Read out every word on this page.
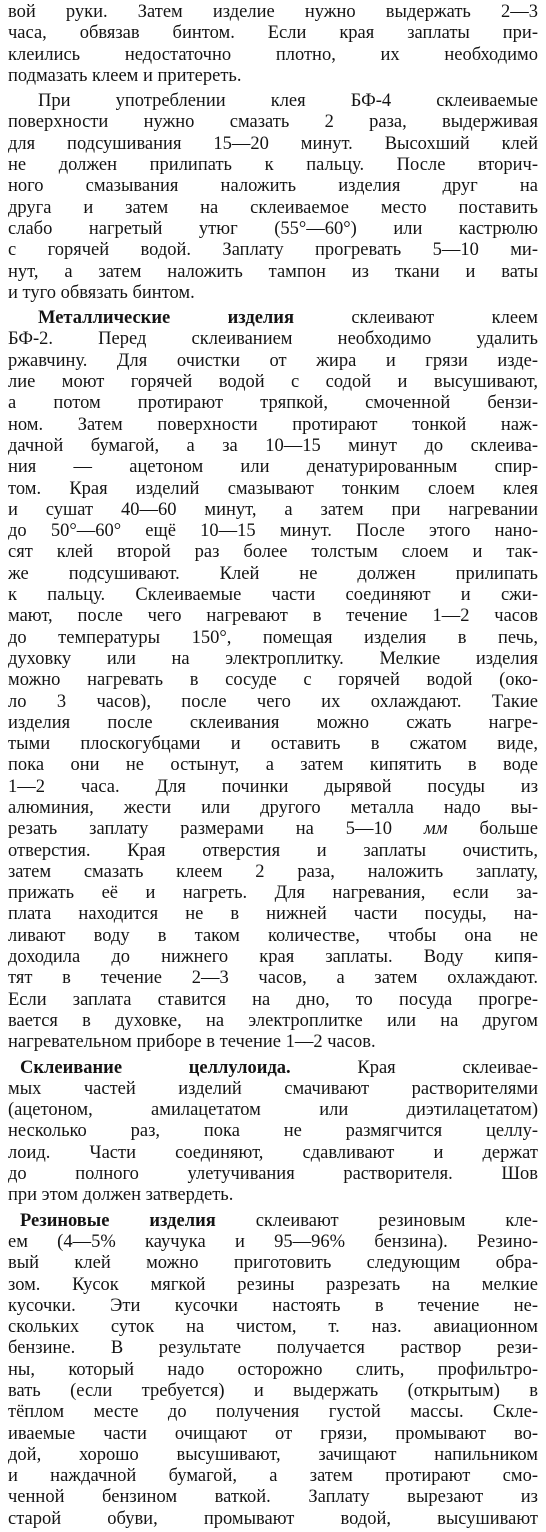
вой руки. Затем изделие нужно выдержать 2—3
часа, обвязав бинтом. Если края заплаты при-
клеились недостаточно плотно, их необходимо
подмазать клеем и притереть.
При употреблении клея БФ-4 склеиваемые
поверхности нужно смазать 2 раза, выдерживая
для подсушивания 15—20 минут. Высохший клей
не должен прилипать к пальцу. После вторич-
ного смазывания наложить изделия друг на
друга и затем на склеиваемое место поставить
слабо нагретый утюг (55°—60°) или кастрюлю
с горячей водой. Заплату прогревать 5—10 ми-
нут, а затем наложить тампон из ткани и ваты
и туго обвязать бинтом.
Металлические изделия склеивают клеем
БФ-2. Перед склеиванием необходимо удалить
ржавчину. Для очистки от жира и грязи изде-
лие моют горячей водой с содой и высушивают,
а потом протирают тряпкой, смоченной бензи-
ном. Затем поверхности протирают тонкой наж-
дачной бумагой, а за 10—15 минут до склеива-
ния — ацетоном или денатурированным спир-
том. Края изделий смазывают тонким слоем клея
и сушат 40—60 минут, а затем при нагревании
до 50°—60° ещё 10—15 минут. После этого нано-
сят клей второй раз более толстым слоем и так-
же подсушивают. Клей не должен прилипать
к пальцу. Склеиваемые части соединяют и сжи-
мают, после чего нагревают в течение 1—2 часов
до температуры 150°, помещая изделия в печь,
духовку или на электроплитку. Мелкие изделия
можно нагревать в сосуде с горячей водой (око-
ло 3 часов), после чего их охлаждают. Такие
изделия после склеивания можно сжать нагре-
тыми плоскогубцами и оставить в сжатом виде,
пока они не остынут, а затем кипятить в воде
1—2 часа. Для починки дырявой посуды из
алюминия, жести или другого металла надо вы-
резать заплату размерами на 5—10 мм больше
отверстия. Края отверстия и заплаты очистить,
затем смазать клеем 2 раза, наложить заплату,
прижать её и нагреть. Для нагревания, если за-
плата находится не в нижней части посуды, на-
ливают воду в таком количестве, чтобы она не
доходила до нижнего края заплаты. Воду кипя-
тят в течение 2—3 часов, а затем охлаждают.
Если заплата ставится на дно, то посуда прогре-
вается в духовке, на электроплитке или на другом
нагревательном приборе в течение 1—2 часов.
Склеивание целлулоида. Края склеивае-
мых частей изделий смачивают растворителями
(ацетоном, амилацетатом или диэтилацетатом)
несколько раз, пока не размягчится целлу-
лоид. Части соединяют, сдавливают и держат
до полного улетучивания растворителя. Шов
при этом должен затвердеть.
Резиновые изделия склеивают резиновым кле-
ем (4—5% каучука и 95—96% бензина). Резино-
вый клей можно приготовить следующим обра-
зом. Кусок мягкой резины разрезать на мелкие
кусочки. Эти кусочки настоять в течение не-
скольких суток на чистом, т. наз. авиационном
бензине. В результате получается раствор рези-
ны, который надо осторожно слить, профильтро-
вать (если требуется) и выдержать (открытым) в
тёплом месте до получения густой массы. Скле-
иваемые части очищают от грязи, промывают во-
дой, хорошо высушивают, зачищают напильником
и наждачной бумагой, а затем протирают смо-
ченной бензином ваткой. Заплату вырезают из
старой обуви, промывают водой, высушивают
